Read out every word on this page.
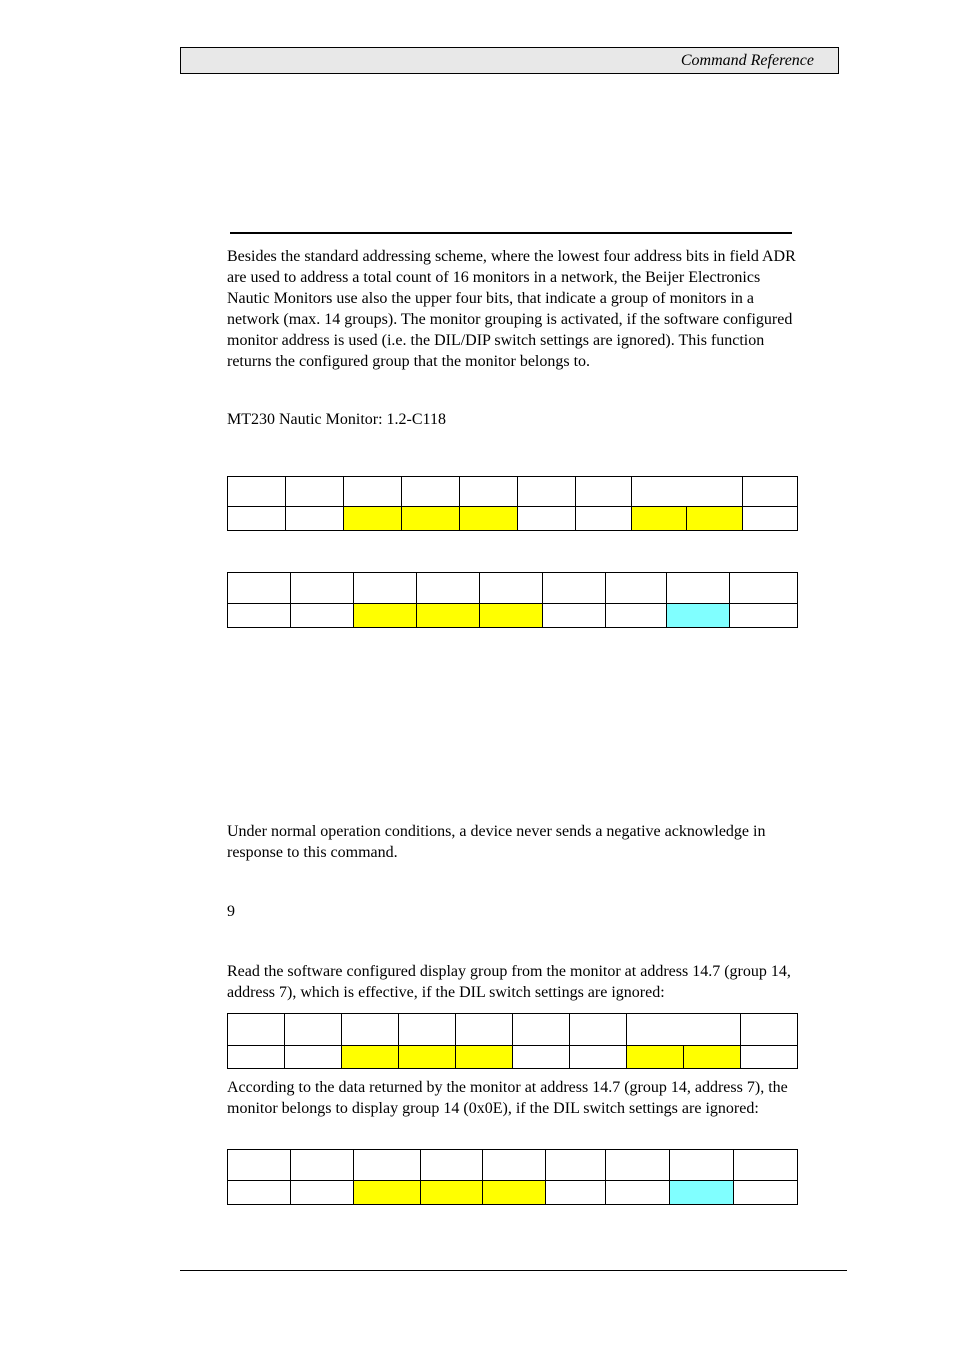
Command Reference

Besides the standard addressing scheme, where the lowest four address bits in field ADR are used to address a total count of 16 monitors in a network, the Beijer Electronics Nautic Monitors use also the upper four bits, that indicate a group of monitors in a network (max. 14 groups). The monitor grouping is activated, if the software configured monitor address is used (i.e. the DIL/DIP switch settings are ignored). This function returns the configured group that the monitor belongs to.

MT230 Nautic Monitor: 1.2-C118

Under normal operation conditions, a device never sends a negative acknowledge in response to this command.

9

Read the software configured display group from the monitor at address 14.7 (group 14, address 7), which is effective, if the DIL switch settings are ignored:

According to the data returned by the monitor at address 14.7 (group 14, address 7), the monitor belongs to display group 14 (0x0E), if the DIL switch settings are ignored:
